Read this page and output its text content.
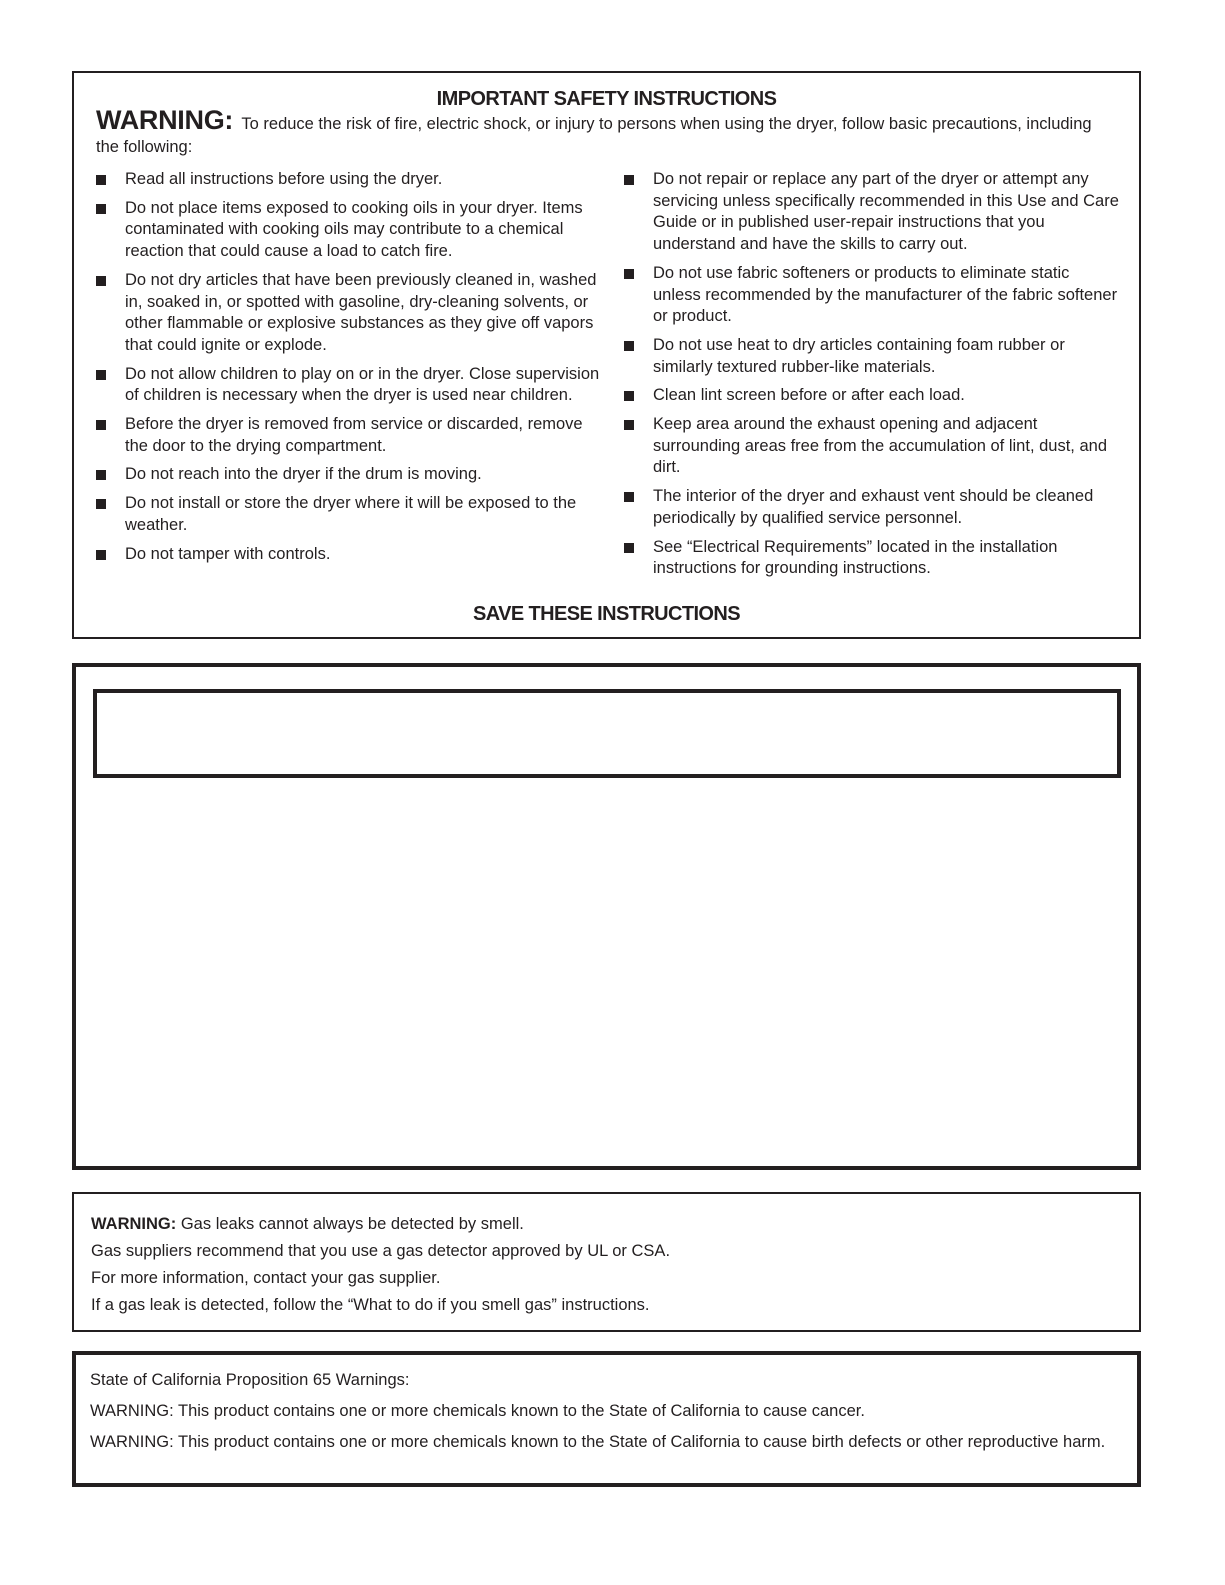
IMPORTANT SAFETY INSTRUCTIONS
WARNING: To reduce the risk of fire, electric shock, or injury to persons when using the dryer, follow basic precautions, including the following:
Read all instructions before using the dryer.
Do not place items exposed to cooking oils in your dryer. Items contaminated with cooking oils may contribute to a chemical reaction that could cause a load to catch fire.
Do not dry articles that have been previously cleaned in, washed in, soaked in, or spotted with gasoline, dry-cleaning solvents, or other flammable or explosive substances as they give off vapors that could ignite or explode.
Do not allow children to play on or in the dryer. Close supervision of children is necessary when the dryer is used near children.
Before the dryer is removed from service or discarded, remove the door to the drying compartment.
Do not reach into the dryer if the drum is moving.
Do not install or store the dryer where it will be exposed to the weather.
Do not tamper with controls.
Do not repair or replace any part of the dryer or attempt any servicing unless specifically recommended in this Use and Care Guide or in published user-repair instructions that you understand and have the skills to carry out.
Do not use fabric softeners or products to eliminate static unless recommended by the manufacturer of the fabric softener or product.
Do not use heat to dry articles containing foam rubber or similarly textured rubber-like materials.
Clean lint screen before or after each load.
Keep area around the exhaust opening and adjacent surrounding areas free from the accumulation of lint, dust, and dirt.
The interior of the dryer and exhaust vent should be cleaned periodically by qualified service personnel.
See “Electrical Requirements” located in the installation instructions for grounding instructions.
SAVE THESE INSTRUCTIONS
WARNING: Gas leaks cannot always be detected by smell.
Gas suppliers recommend that you use a gas detector approved by UL or CSA.
For more information, contact your gas supplier.
If a gas leak is detected, follow the “What to do if you smell gas” instructions.

State of California Proposition 65 Warnings:

WARNING: This product contains one or more chemicals known to the State of California to cause cancer.

WARNING: This product contains one or more chemicals known to the State of California to cause birth defects or other reproductive harm.
